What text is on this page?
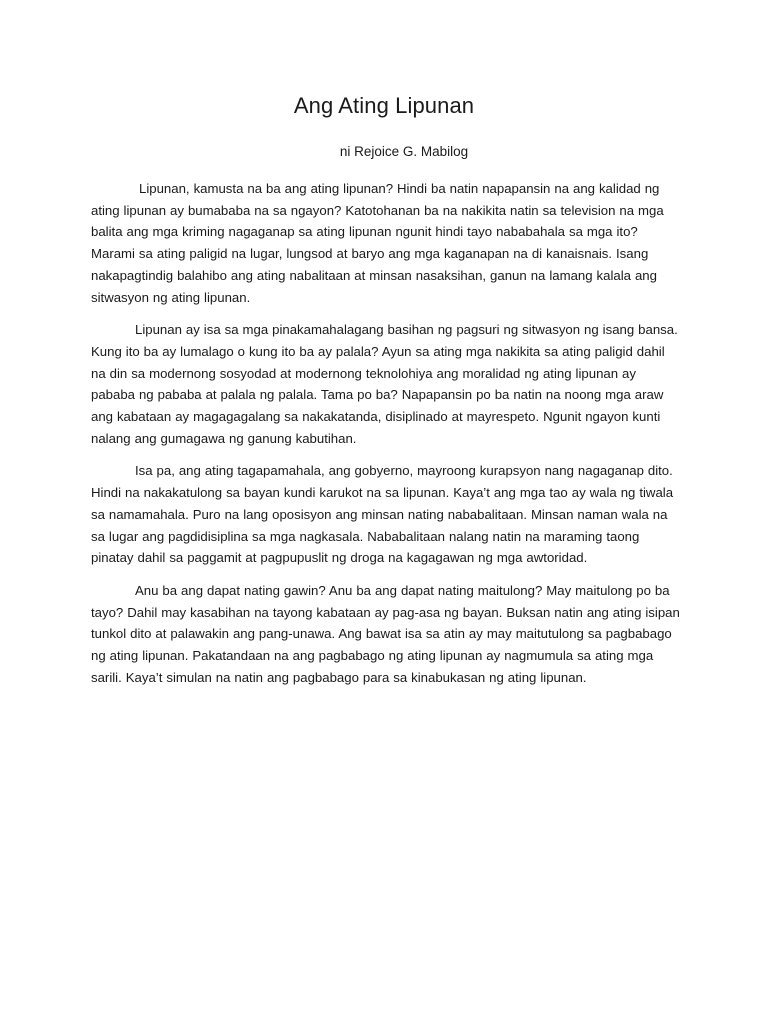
Ang Ating Lipunan

ni Rejoice G. Mabilog

Lipunan, kamusta na ba ang ating lipunan? Hindi ba natin napapansin na ang kalidad ng ating lipunan ay bumababa na sa ngayon? Katotohanan ba na nakikita natin sa television na mga balita ang mga kriming nagaganap sa ating lipunan ngunit hindi tayo nababahala sa mga ito? Marami sa ating paligid na lugar, lungsod at baryo ang mga kaganapan na di kanaisnais. Isang nakapagtindig balahibo ang ating nabalitaan at minsan nasaksihan, ganun na lamang kalala ang sitwasyon ng ating lipunan.

Lipunan ay isa sa mga pinakamahalagang basihan ng pagsuri ng sitwasyon ng isang bansa. Kung ito ba ay lumalago o kung ito ba ay palala? Ayun sa ating mga nakikita sa ating paligid dahil na din sa modernong sosyodad at modernong teknolohiya ang moralidad ng ating lipunan ay pababa ng pababa at palala ng palala. Tama po ba? Napapansin po ba natin na noong mga araw ang kabataan ay magagagalang sa nakakatanda, disiplinado at mayrespeto. Ngunit ngayon kunti nalang ang gumagawa ng ganung kabutihan.

Isa pa, ang ating tagapamahala, ang gobyerno, mayroong kurapsyon nang nagaganap dito. Hindi na nakakatulong sa bayan kundi karukot na sa lipunan. Kaya’t ang mga tao ay wala ng tiwala sa namamahala. Puro na lang oposisyon ang minsan nating nababalitaan. Minsan naman wala na sa lugar ang pagdidisiplina sa mga nagkasala. Nababalitaan nalang natin na maraming taong pinatay dahil sa paggamit at pagpupuslit ng droga na kagagawan ng mga awtoridad.

Anu ba ang dapat nating gawin? Anu ba ang dapat nating maitulong? May maitulong po ba tayo? Dahil may kasabihan na tayong kabataan ay pag-asa ng bayan. Buksan natin ang ating isipan tunkol dito at palawakin ang pang-unawa. Ang bawat isa sa atin ay may maitutulong sa pagbabago ng ating lipunan. Pakatandaan na ang pagbabago ng ating lipunan ay nagmumula sa ating mga sarili. Kaya’t simulan na natin ang pagbabago para sa kinabukasan ng ating lipunan.
